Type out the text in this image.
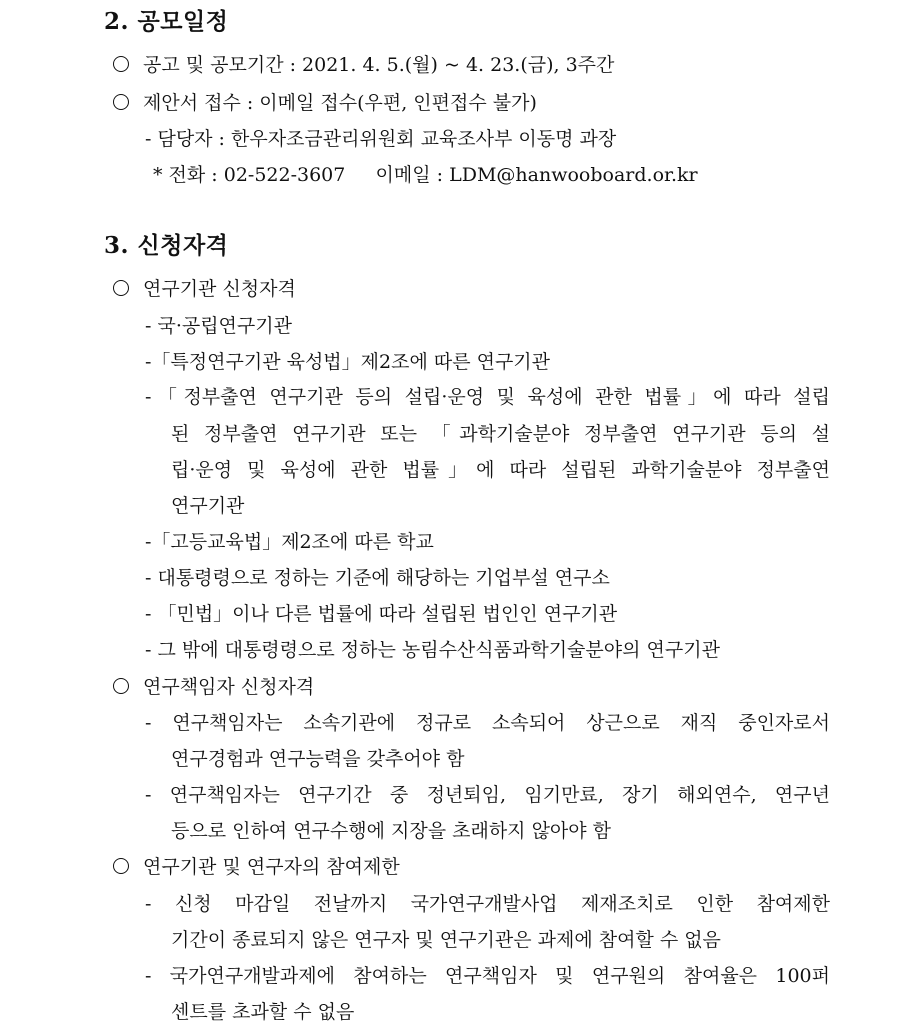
2. 공모일정
공고 및 공모기간 : 2021. 4. 5.(월) ~ 4. 23.(금), 3주간
제안서 접수 : 이메일 접수(우편, 인편접수 불가)
- 담당자 : 한우자조금관리위원회 교육조사부 이동명 과장
* 전화 : 02-522-3607     이메일 : LDM@hanwooboard.or.kr
3. 신청자격
연구기관 신청자격
- 국·공립연구기관
-「특정연구기관 육성법」제2조에 따른 연구기관
-「정부출연 연구기관 등의 설립·운영 및 육성에 관한 법률」에 따라 설립
된 정부출연 연구기관 또는 「과학기술분야 정부출연 연구기관 등의 설
립·운영 및 육성에 관한 법률」에 따라 설립된 과학기술분야 정부출연
연구기관
-「고등교육법」제2조에 따른 학교
- 대통령령으로 정하는 기준에 해당하는 기업부설 연구소
- 「민법」이나 다른 법률에 따라 설립된 법인인 연구기관
- 그 밖에 대통령령으로 정하는 농림수산식품과학기술분야의 연구기관
연구책임자 신청자격
- 연구책임자는 소속기관에 정규로 소속되어 상근으로 재직 중인자로서
연구경험과 연구능력을 갖추어야 함
- 연구책임자는 연구기간 중 정년퇴임, 임기만료, 장기 해외연수, 연구년
등으로 인하여 연구수행에 지장을 초래하지 않아야 함
연구기관 및 연구자의 참여제한
- 신청 마감일 전날까지 국가연구개발사업 제재조치로 인한 참여제한
기간이 종료되지 않은 연구자 및 연구기관은 과제에 참여할 수 없음
- 국가연구개발과제에 참여하는 연구책임자 및 연구원의 참여율은 100퍼
센트를 초과할 수 없음
